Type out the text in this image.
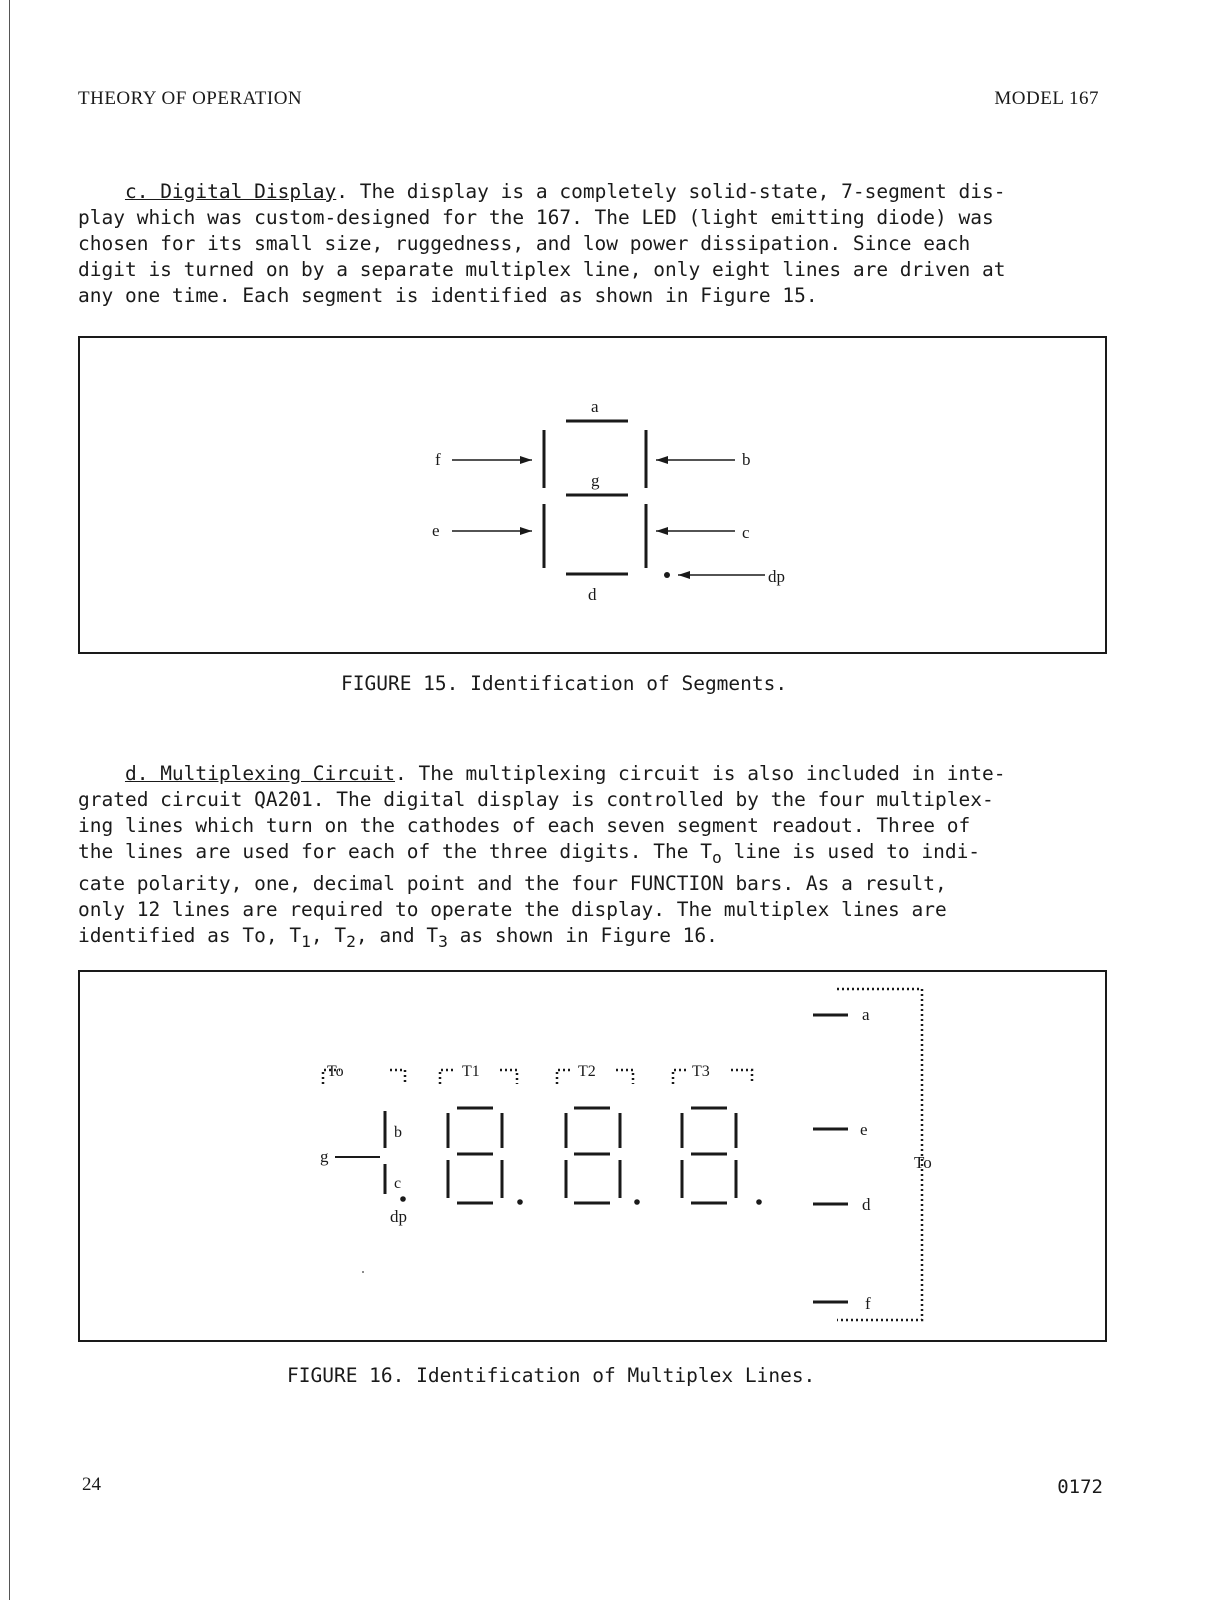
THEORY OF OPERATION	MODEL 167
c. Digital Display. The display is a completely solid-state, 7-segment dis-
play which was custom-designed for the 167. The LED (light emitting diode) was
chosen for its small size, ruggedness, and low power dissipation. Since each
digit is turned on by a separate multiplex line, only eight lines are driven at
any one time. Each segment is identified as shown in Figure 15.
a
g
d
f
e
b
c
dp
FIGURE 15. Identification of Segments.
d. Multiplexing Circuit. The multiplexing circuit is also included in inte-
grated circuit QA201. The digital display is controlled by the four multiplex-
ing lines which turn on the cathodes of each seven segment readout. Three of
the lines are used for each of the three digits. The $T_o$ line is used to indi-
cate polarity, one, decimal point and the four FUNCTION bars. As a result,
only 12 lines are required to operate the display. The multiplex lines are
identified as To, $T_1$, $T_2$, and $T_3$ as shown in Figure 16.
To	T1	T2	T3
g
b
c
dp
a
e
d
f
To
FIGURE 16. Identification of Multiplex Lines.
24	0172
